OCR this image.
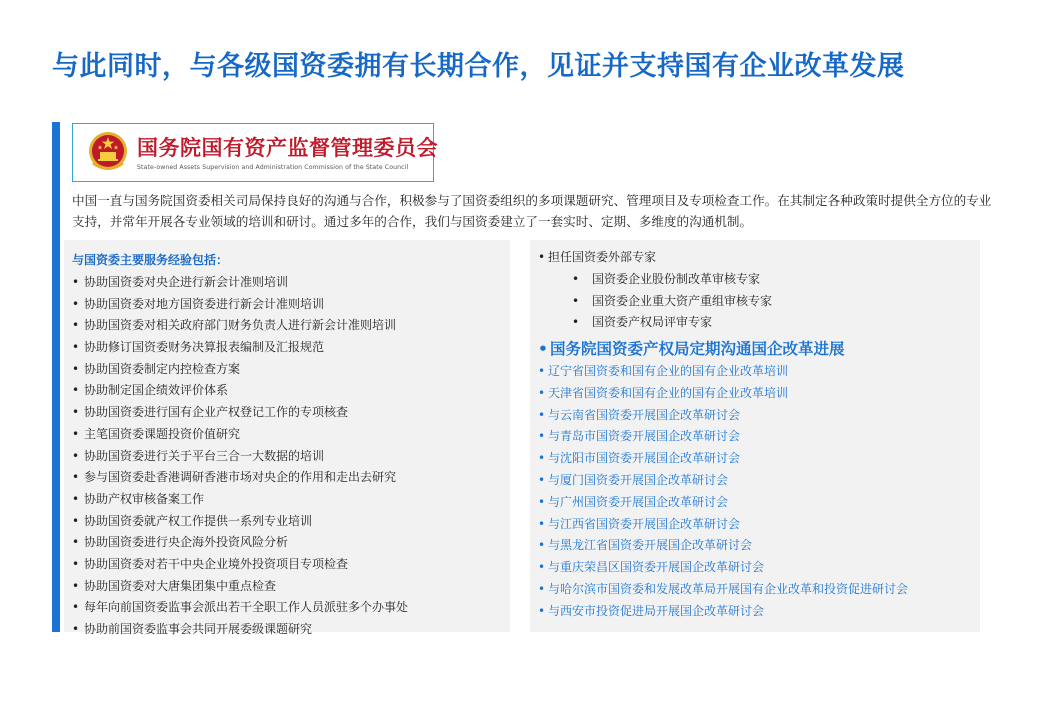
与此同时，与各级国资委拥有长期合作，见证并支持国有企业改革发展
国务院国有资产监督管理委员会
State-owned Assets Supervision and Administration Commission of the State Council

中国一直与国务院国资委相关司局保持良好的沟通与合作，积极参与了国资委组织的多项课题研究、管理项目及专项检查工作。在其制定各种政策时提供全方位的专业支持，并常年开展各专业领域的培训和研讨。通过多年的合作，我们与国资委建立了一套实时、定期、多维度的沟通机制。

与国资委主要服务经验包括：
• 协助国资委对央企进行新会计准则培训
• 协助国资委对地方国资委进行新会计准则培训
• 协助国资委对相关政府部门财务负责人进行新会计准则培训
• 协助修订国资委财务决算报表编制及汇报规范
• 协助国资委制定内控检查方案
• 协助制定国企绩效评价体系
• 协助国资委进行国有企业产权登记工作的专项核查
• 主笔国资委课题投资价值研究
• 协助国资委进行关于平台三合一大数据的培训
• 参与国资委赴香港调研香港市场对央企的作用和走出去研究
• 协助产权审核备案工作
• 协助国资委就产权工作提供一系列专业培训
• 协助国资委进行央企海外投资风险分析
• 协助国资委对若干中央企业境外投资项目专项检查
• 协助国资委对大唐集团集中重点检查
• 每年向前国资委监事会派出若干全职工作人员派驻多个办事处
• 协助前国资委监事会共同开展委级课题研究
• 担任国资委外部专家
• 国资委企业股份制改革审核专家
• 国资委企业重大资产重组审核专家
• 国资委产权局评审专家
• 国务院国资委产权局定期沟通国企改革进展
• 辽宁省国资委和国有企业的国有企业改革培训
• 天津省国资委和国有企业的国有企业改革培训
• 与云南省国资委开展国企改革研讨会
• 与青岛市国资委开展国企改革研讨会
• 与沈阳市国资委开展国企改革研讨会
• 与厦门国资委开展国企改革研讨会
• 与广州国资委开展国企改革研讨会
• 与江西省国资委开展国企改革研讨会
• 与黑龙江省国资委开展国企改革研讨会
• 与重庆荣昌区国资委开展国企改革研讨会
• 与哈尔滨市国资委和发展改革局开展国有企业改革和投资促进研讨会
• 与西安市投资促进局开展国企改革研讨会
